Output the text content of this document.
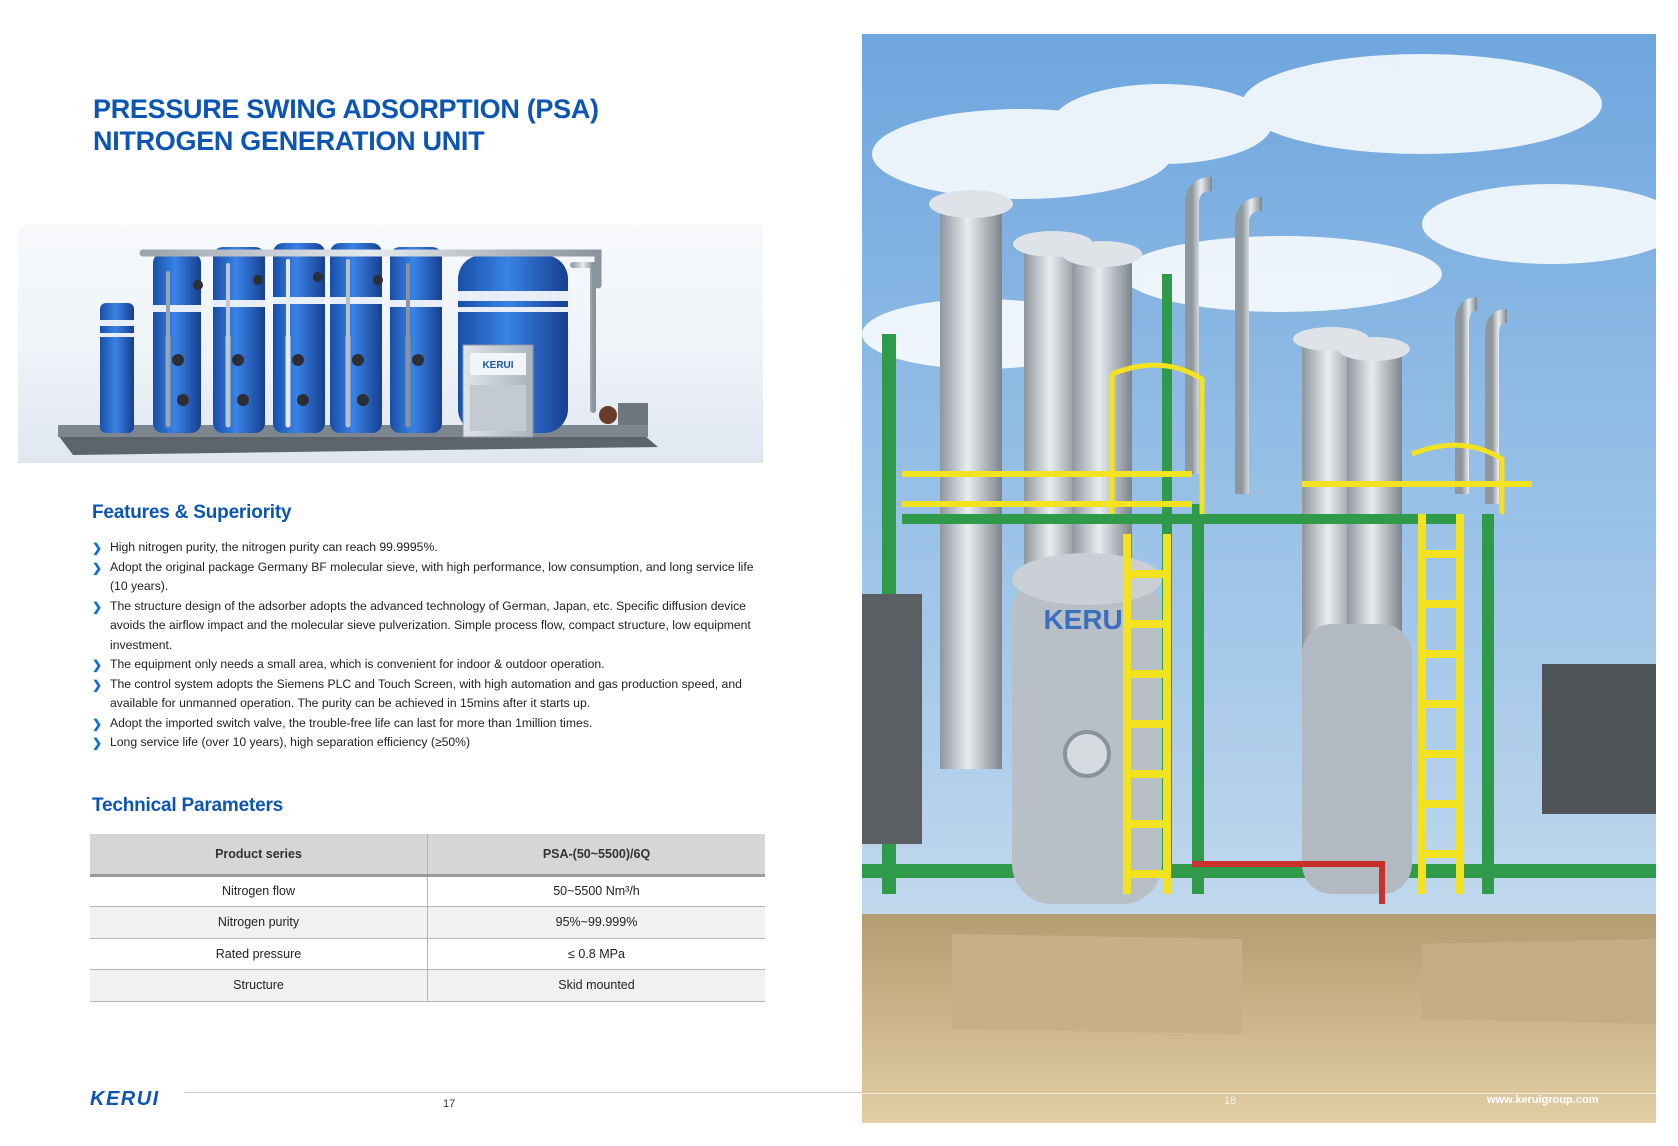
PRESSURE SWING ADSORPTION (PSA)
NITROGEN GENERATION UNIT
KERUI
Features & Superiority
❯ High nitrogen purity, the nitrogen purity can reach 99.9995%.
❯ Adopt the original package Germany BF molecular sieve, with high performance, low consumption, and long service life (10 years).
❯ The structure design of the adsorber adopts the advanced technology of German, Japan, etc. Specific diffusion device avoids the airflow impact and the molecular sieve pulverization. Simple process flow, compact structure, low equipment investment.
❯ The equipment only needs a small area, which is convenient for indoor & outdoor operation.
❯ The control system adopts the Siemens PLC and Touch Screen, with high automation and gas production speed, and available for unmanned operation. The purity can be achieved in 15mins after it starts up.
❯ Adopt the imported switch valve, the trouble-free life can last for more than 1million times.
❯ Long service life (over 10 years), high separation efficiency (≥50%)
Technical Parameters
Product series	PSA-(50~5500)/6Q
Nitrogen flow	50~5500 Nm³/h
Nitrogen purity	95%~99.999%
Rated pressure	≤ 0.8 MPa
Structure	Skid mounted
KERUI	17
KERUI
18	www.keruigroup.com
